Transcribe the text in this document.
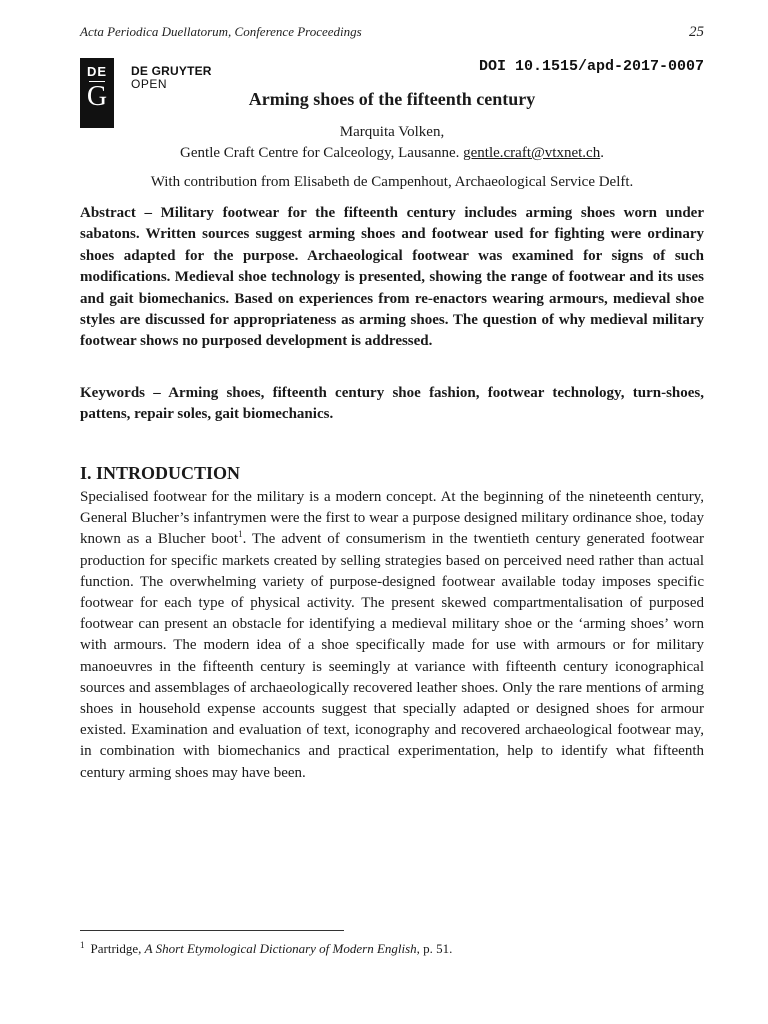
Acta Periodica Duellatorum, Conference Proceedings	25
DE
G
DE GRUYTER
OPEN
DOI 10.1515/apd-2017-0007
Arming shoes of the fifteenth century
Marquita Volken,
Gentle Craft Centre for Calceology, Lausanne. gentle.craft@vtxnet.ch.
With contribution from Elisabeth de Campenhout, Archaeological Service Delft.

Abstract – Military footwear for the fifteenth century includes arming shoes worn under sabatons. Written sources suggest arming shoes and footwear used for fighting were ordinary shoes adapted for the purpose. Archaeological footwear was examined for signs of such modifications. Medieval shoe technology is presented, showing the range of footwear and its uses and gait biomechanics. Based on experiences from re-enactors wearing armours, medieval shoe styles are discussed for appropriateness as arming shoes. The question of why medieval military footwear shows no purposed development is addressed.

Keywords – Arming shoes, fifteenth century shoe fashion, footwear technology, turn-shoes, pattens, repair soles, gait biomechanics.

I. INTRODUCTION

Specialised footwear for the military is a modern concept. At the beginning of the nineteenth century, General Blucher’s infantrymen were the first to wear a purpose designed military ordinance shoe, today known as a Blucher boot$^1$. The advent of consumerism in the twentieth century generated footwear production for specific markets created by selling strategies based on perceived need rather than actual function. The overwhelming variety of purpose-designed footwear available today imposes specific footwear for each type of physical activity. The present skewed compartmentalisation of purposed footwear can present an obstacle for identifying a medieval military shoe or the ‘arming shoes’ worn with armours. The modern idea of a shoe specifically made for use with armours or for military manoeuvres in the fifteenth century is seemingly at variance with fifteenth century iconographical sources and assemblages of archaeologically recovered leather shoes. Only the rare mentions of arming shoes in household expense accounts suggest that specially adapted or designed shoes for armour existed. Examination and evaluation of text, iconography and recovered archaeological footwear may, in combination with biomechanics and practical experimentation, help to identify what fifteenth century arming shoes may have been.

$^1$ Partridge, A Short Etymological Dictionary of Modern English, p. 51.
